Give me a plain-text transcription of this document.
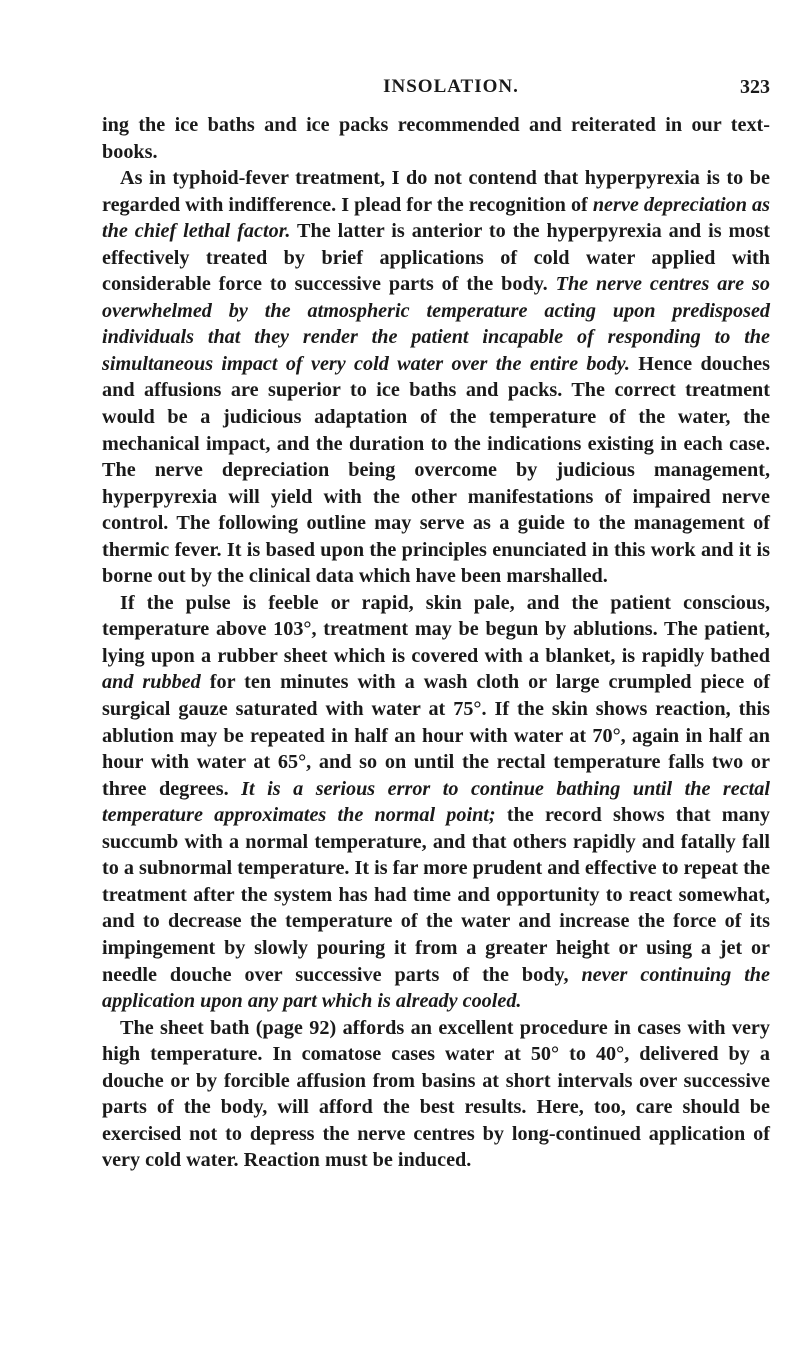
INSOLATION.	323

ing the ice baths and ice packs recommended and reiterated in our text-books.

As in typhoid-fever treatment, I do not contend that hyperpyrexia is to be regarded with indifference. I plead for the recognition of nerve depreciation as the chief lethal factor. The latter is anterior to the hyperpyrexia and is most effectively treated by brief applications of cold water applied with considerable force to successive parts of the body. The nerve centres are so overwhelmed by the atmospheric temperature acting upon predisposed individuals that they render the patient incapable of responding to the simultaneous impact of very cold water over the entire body. Hence douches and affusions are superior to ice baths and packs. The correct treatment would be a judicious adaptation of the temperature of the water, the mechanical impact, and the duration to the indications existing in each case. The nerve depreciation being overcome by judicious management, hyperpyrexia will yield with the other manifestations of impaired nerve control. The following outline may serve as a guide to the management of thermic fever. It is based upon the principles enunciated in this work and it is borne out by the clinical data which have been marshalled.

If the pulse is feeble or rapid, skin pale, and the patient conscious, temperature above 103°, treatment may be begun by ablutions. The patient, lying upon a rubber sheet which is covered with a blanket, is rapidly bathed and rubbed for ten minutes with a wash cloth or large crumpled piece of surgical gauze saturated with water at 75°. If the skin shows reaction, this ablution may be repeated in half an hour with water at 70°, again in half an hour with water at 65°, and so on until the rectal temperature falls two or three degrees. It is a serious error to continue bathing until the rectal temperature approximates the normal point; the record shows that many succumb with a normal temperature, and that others rapidly and fatally fall to a subnormal temperature. It is far more prudent and effective to repeat the treatment after the system has had time and opportunity to react somewhat, and to decrease the temperature of the water and increase the force of its impingement by slowly pouring it from a greater height or using a jet or needle douche over successive parts of the body, never continuing the application upon any part which is already cooled.

The sheet bath (page 92) affords an excellent procedure in cases with very high temperature. In comatose cases water at 50° to 40°, delivered by a douche or by forcible affusion from basins at short intervals over successive parts of the body, will afford the best results. Here, too, care should be exercised not to depress the nerve centres by long-continued application of very cold water. Reaction must be induced.
